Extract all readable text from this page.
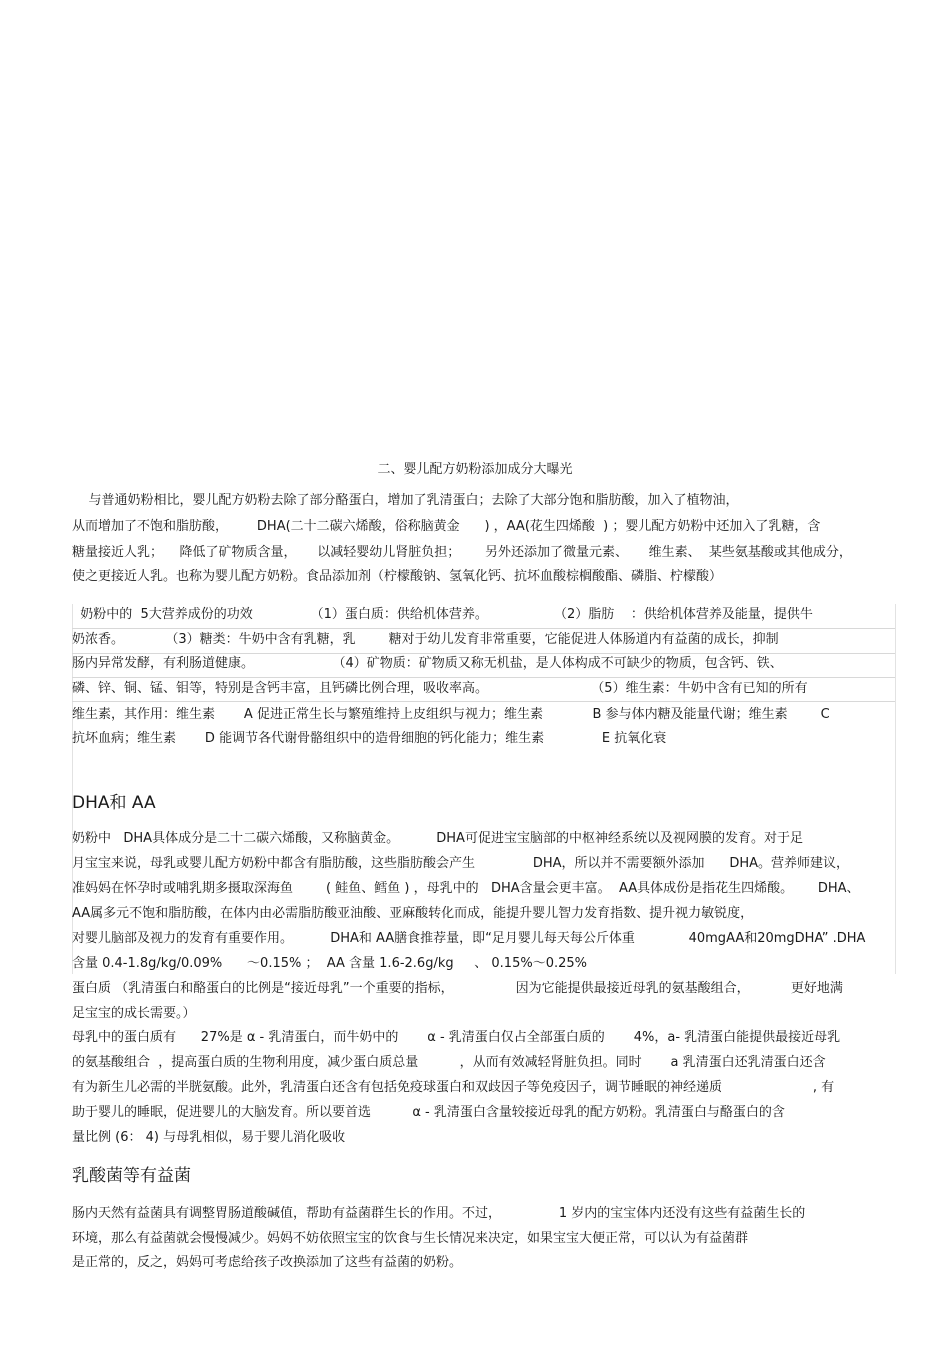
二、婴儿配方奶粉添加成分大曝光
与普通奶粉相比，婴儿配方奶粉去除了部分酪蛋白，增加了乳清蛋白；去除了大部分饱和脂肪酸，加入了植物油，
从而增加了不饱和脂肪酸，       DHA(二十二碳六烯酸，俗称脑黄金      ) ，AA(花生四烯酸  ) ；婴儿配方奶粉中还加入了乳糖，含
糖量接近人乳；    降低了矿物质含量，     以减轻婴幼儿肾脏负担；      另外还添加了微量元素、     维生素、  某些氨基酸或其他成分，
使之更接近人乳。也称为婴儿配方奶粉。食品添加剂（柠檬酸钠、氢氧化钙、抗坏血酸棕榈酸酯、磷脂、柠檬酸）
奶粉中的  5大营养成份的功效              （1）蛋白质：供给机体营养。                （2）脂肪    ：供给机体营养及能量，提供牛
奶浓香。          （3）糖类：牛奶中含有乳糖，乳        糖对于幼儿发育非常重要，它能促进人体肠道内有益菌的成长，抑制
肠内异常发酵，有利肠道健康。                   （4）矿物质：矿物质又称无机盐，是人体构成不可缺少的物质，包含钙、铁、
磷、锌、铜、锰、钼等，特别是含钙丰富，且钙磷比例合理，吸收率高。                         （5）维生素：牛奶中含有已知的所有
维生素，其作用：维生素       A 促进正常生长与繁殖维持上皮组织与视力；维生素            B 参与体内糖及能量代谢；维生素        C
抗坏血病；维生素       D 能调节各代谢骨骼组织中的造骨细胞的钙化能力；维生素              E 抗氧化衰
DHA和 AA
奶粉中   DHA具体成分是二十二碳六烯酸，又称脑黄金。         DHA可促进宝宝脑部的中枢神经系统以及视网膜的发育。对于足
月宝宝来说，母乳或婴儿配方奶粉中都含有脂肪酸，这些脂肪酸会产生              DHA，所以并不需要额外添加      DHA。营养师建议，
准妈妈在怀孕时或哺乳期多摄取深海鱼        ( 鲑鱼、鳕鱼 ) ，母乳中的   DHA含量会更丰富。  AA具体成份是指花生四烯酸。      DHA、
AA属多元不饱和脂肪酸，在体内由必需脂肪酸亚油酸、亚麻酸转化而成，能提升婴儿智力发育指数、提升视力敏锐度，
对婴儿脑部及视力的发育有重要作用。         DHA和 AA膳食推荐量，即“足月婴儿每天每公斤体重             40mgAA和20mgDHA” .DHA
含量 0.4-1.8g/kg/0.09%      ～0.15% ；  AA 含量 1.6-2.6g/kg     、 0.15%～0.25%
蛋白质 （乳清蛋白和酪蛋白的比例是“接近母乳”一个重要的指标，               因为它能提供最接近母乳的氨基酸组合，          更好地满
足宝宝的成长需要。）
母乳中的蛋白质有      27%是 α - 乳清蛋白，而牛奶中的       α - 乳清蛋白仅占全部蛋白质的       4%，a- 乳清蛋白能提供最接近母乳
的氨基酸组合  ，提高蛋白质的生物利用度，减少蛋白质总量          ，从而有效减轻肾脏负担。同时       a 乳清蛋白还乳清蛋白还含
有为新生儿必需的半胱氨酸。此外，乳清蛋白还含有包括免疫球蛋白和双歧因子等免疫因子，调节睡眠的神经递质                      , 有
助于婴儿的睡眠，促进婴儿的大脑发育。所以要首选          α - 乳清蛋白含量较接近母乳的配方奶粉。乳清蛋白与酪蛋白的含
量比例 (6： 4) 与母乳相似，易于婴儿消化吸收
乳酸菌等有益菌
肠内天然有益菌具有调整胃肠道酸碱值，帮助有益菌群生长的作用。不过，              1 岁内的宝宝体内还没有这些有益菌生长的
环境，那么有益菌就会慢慢减少。妈妈不妨依照宝宝的饮食与生长情况来决定，如果宝宝大便正常，可以认为有益菌群
是正常的，反之，妈妈可考虑给孩子改换添加了这些有益菌的奶粉。
